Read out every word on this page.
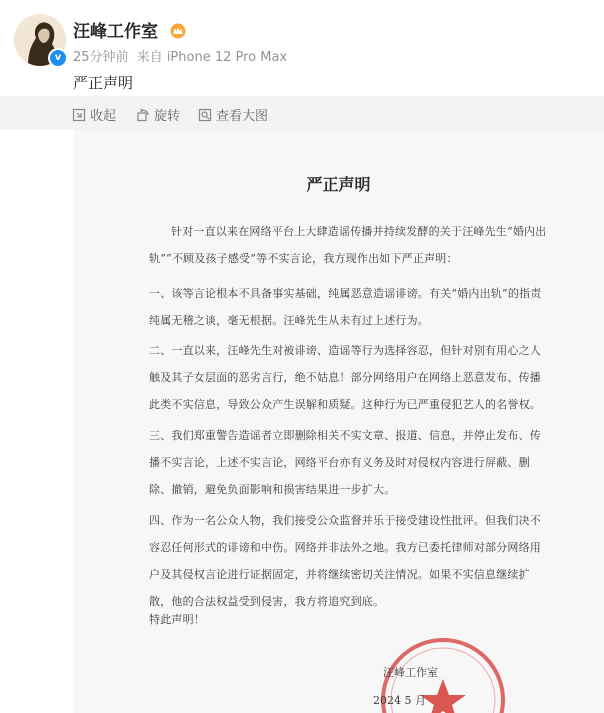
v
汪峰工作室
25分钟前 来自 iPhone 12 Pro Max
严正声明
收起	旋转	查看大图
严正声明
针对一直以来在网络平台上大肆造谣传播并持续发酵的关于汪峰先生“婚内出轨”“不顾及孩子感受”等不实言论，我方现作出如下严正声明：
一、该等言论根本不具备事实基础，纯属恶意造谣诽谤。有关“婚内出轨”的指责纯属无稽之谈，毫无根据。汪峰先生从未有过上述行为。
二、一直以来，汪峰先生对被诽谤、造谣等行为选择容忍，但针对别有用心之人触及其子女层面的恶劣言行，绝不姑息！部分网络用户在网络上恶意发布、传播此类不实信息，导致公众产生误解和质疑。这种行为已严重侵犯艺人的名誉权。
三、我们郑重警告造谣者立即删除相关不实文章、报道、信息，并停止发布、传播不实言论，上述不实言论，网络平台亦有义务及时对侵权内容进行屏蔽、删除、撤销，避免负面影响和损害结果进一步扩大。
四、作为一名公众人物，我们接受公众监督并乐于接受建设性批评。但我们决不容忍任何形式的诽谤和中伤。网络并非法外之地。我方已委托律师对部分网络用户及其侵权言论进行证据固定，并将继续密切关注情况。如果不实信息继续扩散，他的合法权益受到侵害，我方将追究到底。
特此声明！
汪峰工作室
2024 5 月
